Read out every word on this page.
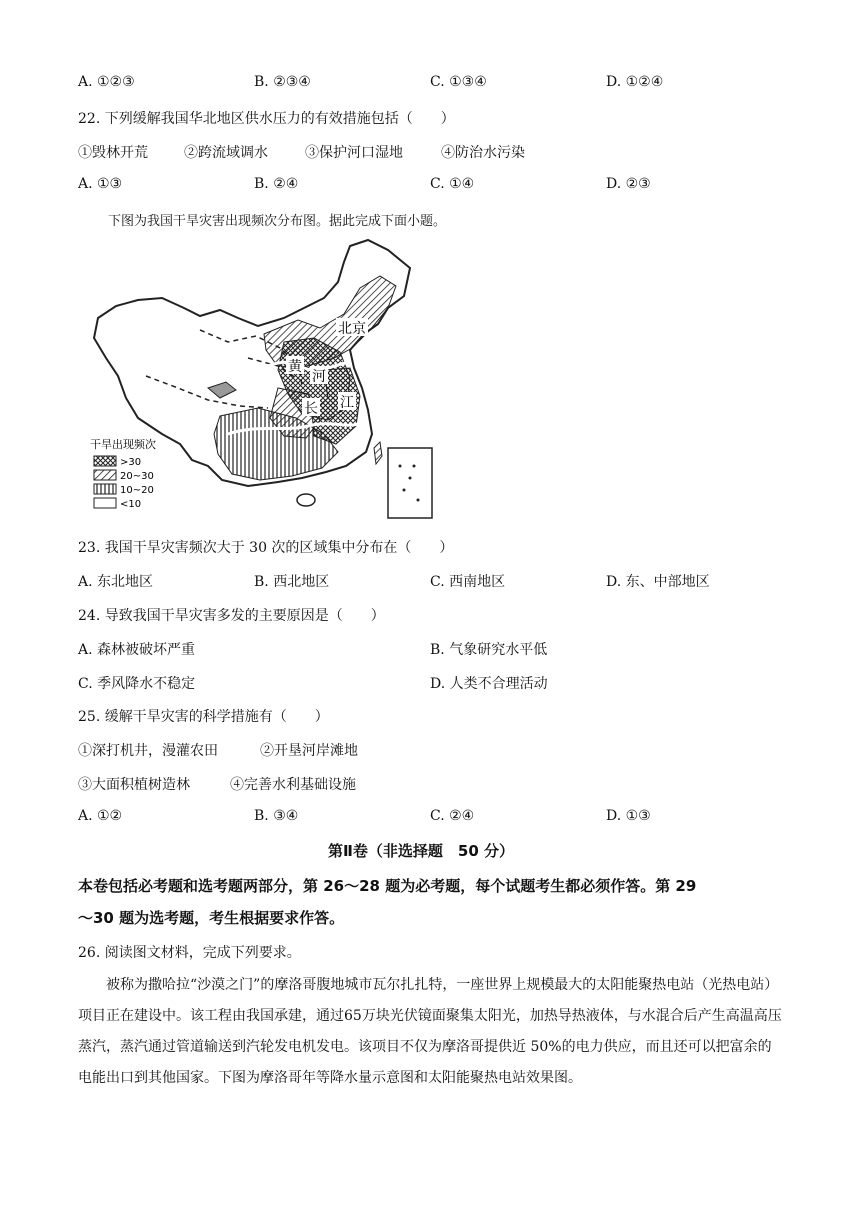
A. ①②③	B. ②③④	C. ①③④	D. ①②④
22. 下列缓解我国华北地区供水压力的有效措施包括（　　）
①毁林开荒	②跨流域调水	③保护河口湿地	④防治水污染
A. ①③	B. ②④	C. ①④	D. ②③
下图为我国干旱灾害出现频次分布图。据此完成下面小题。
北京
黄
河
长 江
干旱出现频次
>30
20~30
10~20
<10
23. 我国干旱灾害频次大于 30 次的区域集中分布在（　　）
A. 东北地区	B. 西北地区	C. 西南地区	D. 东、中部地区
24. 导致我国干旱灾害多发的主要原因是（　　）
A. 森林被破坏严重	B. 气象研究水平低
C. 季风降水不稳定	D. 人类不合理活动
25. 缓解干旱灾害的科学措施有（　　）
①深打机井，漫灌农田	②开垦河岸滩地
③大面积植树造林	④完善水利基础设施
A. ①②	B. ③④	C. ②④	D. ①③
第Ⅱ卷（非选择题　50 分）
本卷包括必考题和选考题两部分，第 26～28 题为必考题，每个试题考生都必须作答。第 29
～30 题为选考题，考生根据要求作答。
26. 阅读图文材料，完成下列要求。
　　被称为撒哈拉“沙漠之门”的摩洛哥腹地城市瓦尔扎扎特，一座世界上规模最大的太阳能聚热电站（光热电站）项目正在建设中。该工程由我国承建，通过65万块光伏镜面聚集太阳光，加热导热液体，与水混合后产生高温高压蒸汽，蒸汽通过管道输送到汽轮发电机发电。该项目不仅为摩洛哥提供近 50%的电力供应，而且还可以把富余的电能出口到其他国家。下图为摩洛哥年等降水量示意图和太阳能聚热电站效果图。
